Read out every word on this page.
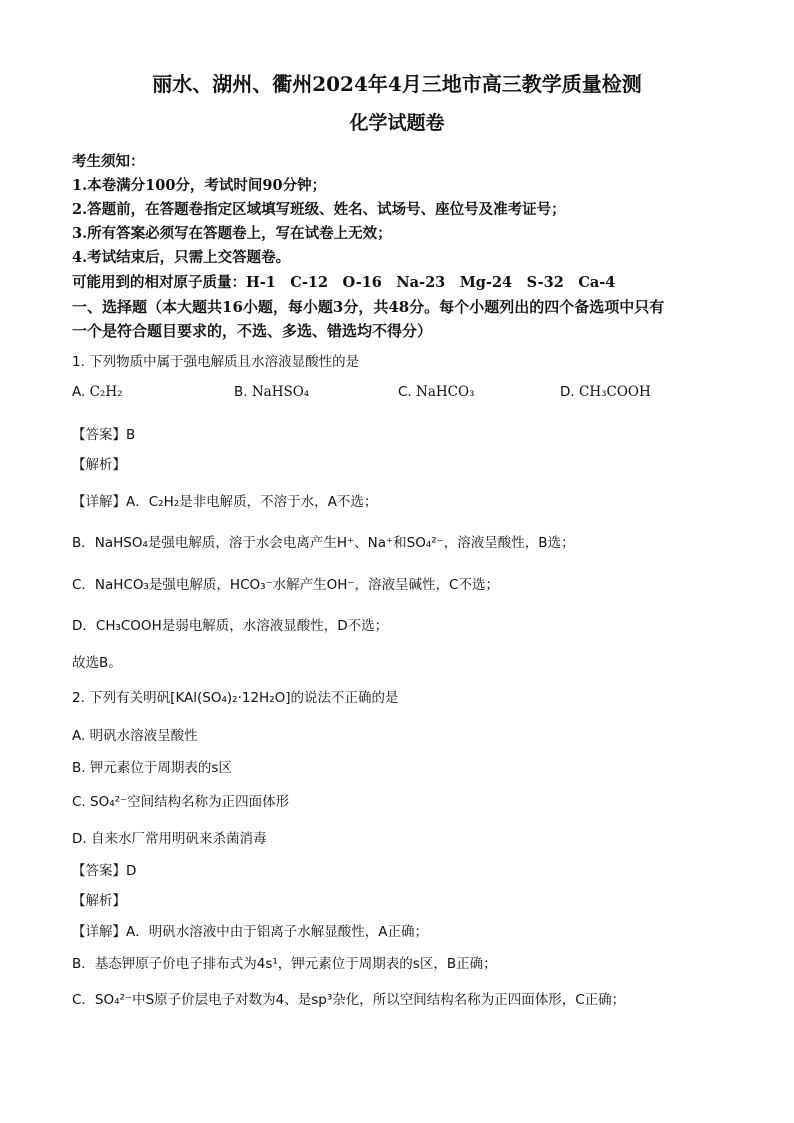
丽水、湖州、衢州2024年4月三地市高三教学质量检测
化学试题卷
考生须知：
1.本卷满分100分，考试时间90分钟；
2.答题前，在答题卷指定区域填写班级、姓名、试场号、座位号及准考证号；
3.所有答案必须写在答题卷上，写在试卷上无效；
4.考试结束后，只需上交答题卷。
可能用到的相对原子质量：H-1　C-12　O-16　Na-23　Mg-24　S-32　Ca-4
一、选择题（本大题共16小题，每小题3分，共48分。每个小题列出的四个备选项中只有
一个是符合题目要求的，不选、多选、错选均不得分）
1. 下列物质中属于强电解质且水溶液显酸性的是
A. C₂H₂	B. NaHSO₄	C. NaHCO₃	D. CH₃COOH
【答案】B
【解析】
【详解】A．C₂H₂是非电解质，不溶于水，A不选；
B．NaHSO₄是强电解质，溶于水会电离产生H⁺、Na⁺和SO₄²⁻，溶液呈酸性，B选；
C．NaHCO₃是强电解质，HCO₃⁻水解产生OH⁻，溶液呈碱性，C不选；
D．CH₃COOH是弱电解质，水溶液显酸性，D不选；
故选B。
2. 下列有关明矾[KAl(SO₄)₂·12H₂O]的说法不正确的是
A. 明矾水溶液呈酸性
B. 钾元素位于周期表的s区
C. SO₄²⁻空间结构名称为正四面体形
D. 自来水厂常用明矾来杀菌消毒
【答案】D
【解析】
【详解】A．明矾水溶液中由于铝离子水解显酸性，A正确；
B．基态钾原子价电子排布式为4s¹，钾元素位于周期表的s区，B正确；
C．SO₄²⁻中S原子价层电子对数为4、是sp³杂化，所以空间结构名称为正四面体形，C正确；
